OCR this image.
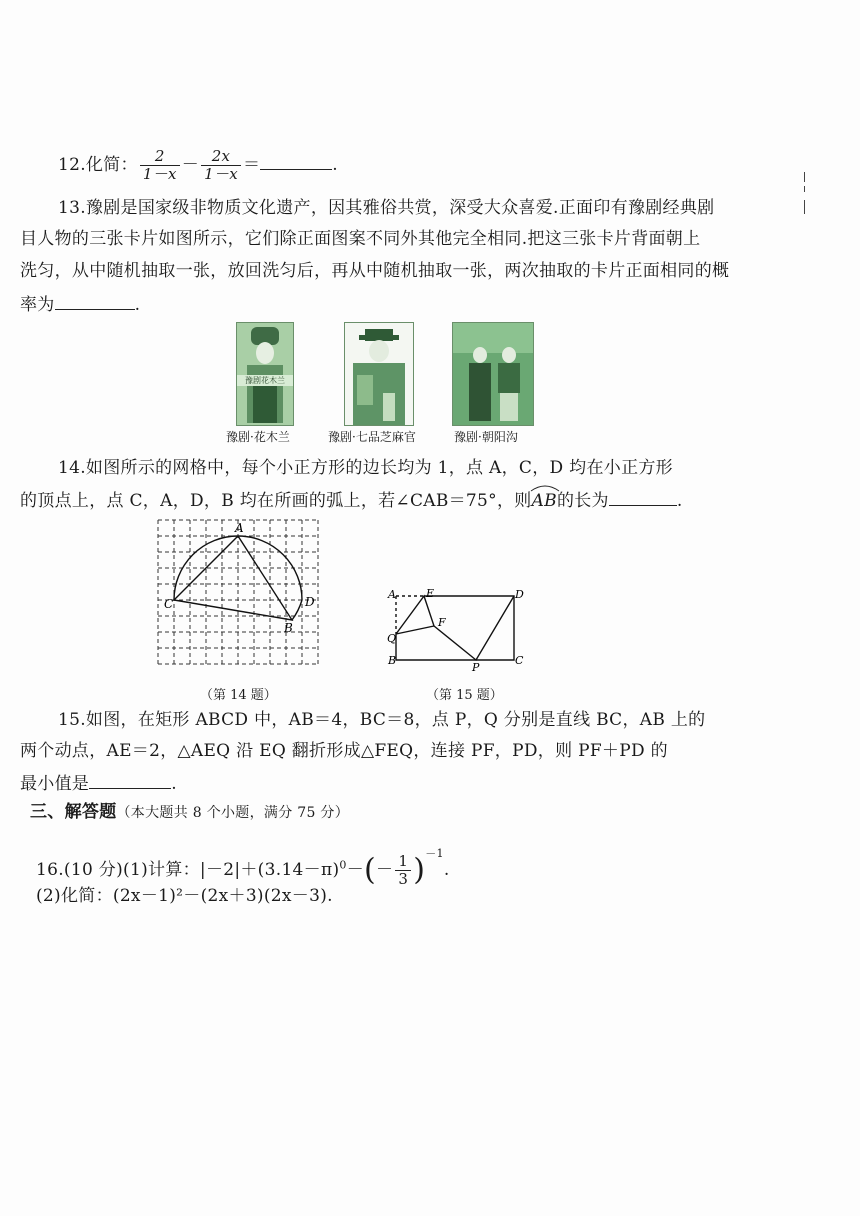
12.化简： $\frac{2}{1-x} - \frac{2x}{1-x}$ ＝	.
13.豫剧是国家级非物质文化遗产，因其雅俗共赏，深受大众喜爱.正面印有豫剧经典剧
目人物的三张卡片如图所示，它们除正面图案不同外其他完全相同.把这三张卡片背面朝上
洗匀，从中随机抽取一张，放回洗匀后，再从中随机抽取一张，两次抽取的卡片正面相同的概
率为	.
豫剧花木兰
豫剧·花木兰	豫剧·七品芝麻官	豫剧·朝阳沟
14.如图所示的网格中，每个小正方形的边长均为 1，点 A，C，D 均在小正方形
的顶点上，点 C，A，D，B 均在所画的弧上，若∠CAB＝75°，则
AB的长为	.
A
C	D
B
（第 14 题）
A	E	D
F
Q
B
P
C
（第 15 题）
15.如图，在矩形 ABCD 中，AB＝4，BC＝8，点 P，Q 分别是直线 BC，AB 上的
两个动点，AE＝2，△AEQ 沿 EQ 翻折形成△FEQ，连接 PF，PD，则 PF＋PD 的
最小值是	.
三、解答题（本大题共 8 个小题，满分 75 分）
16.(10 分)(1)计算：$|-2|+(3.14-\pi)^0-(- \frac{1}{3} )^{-1}$.
(2)化简：(2x－1)²－(2x＋3)(2x－3).
